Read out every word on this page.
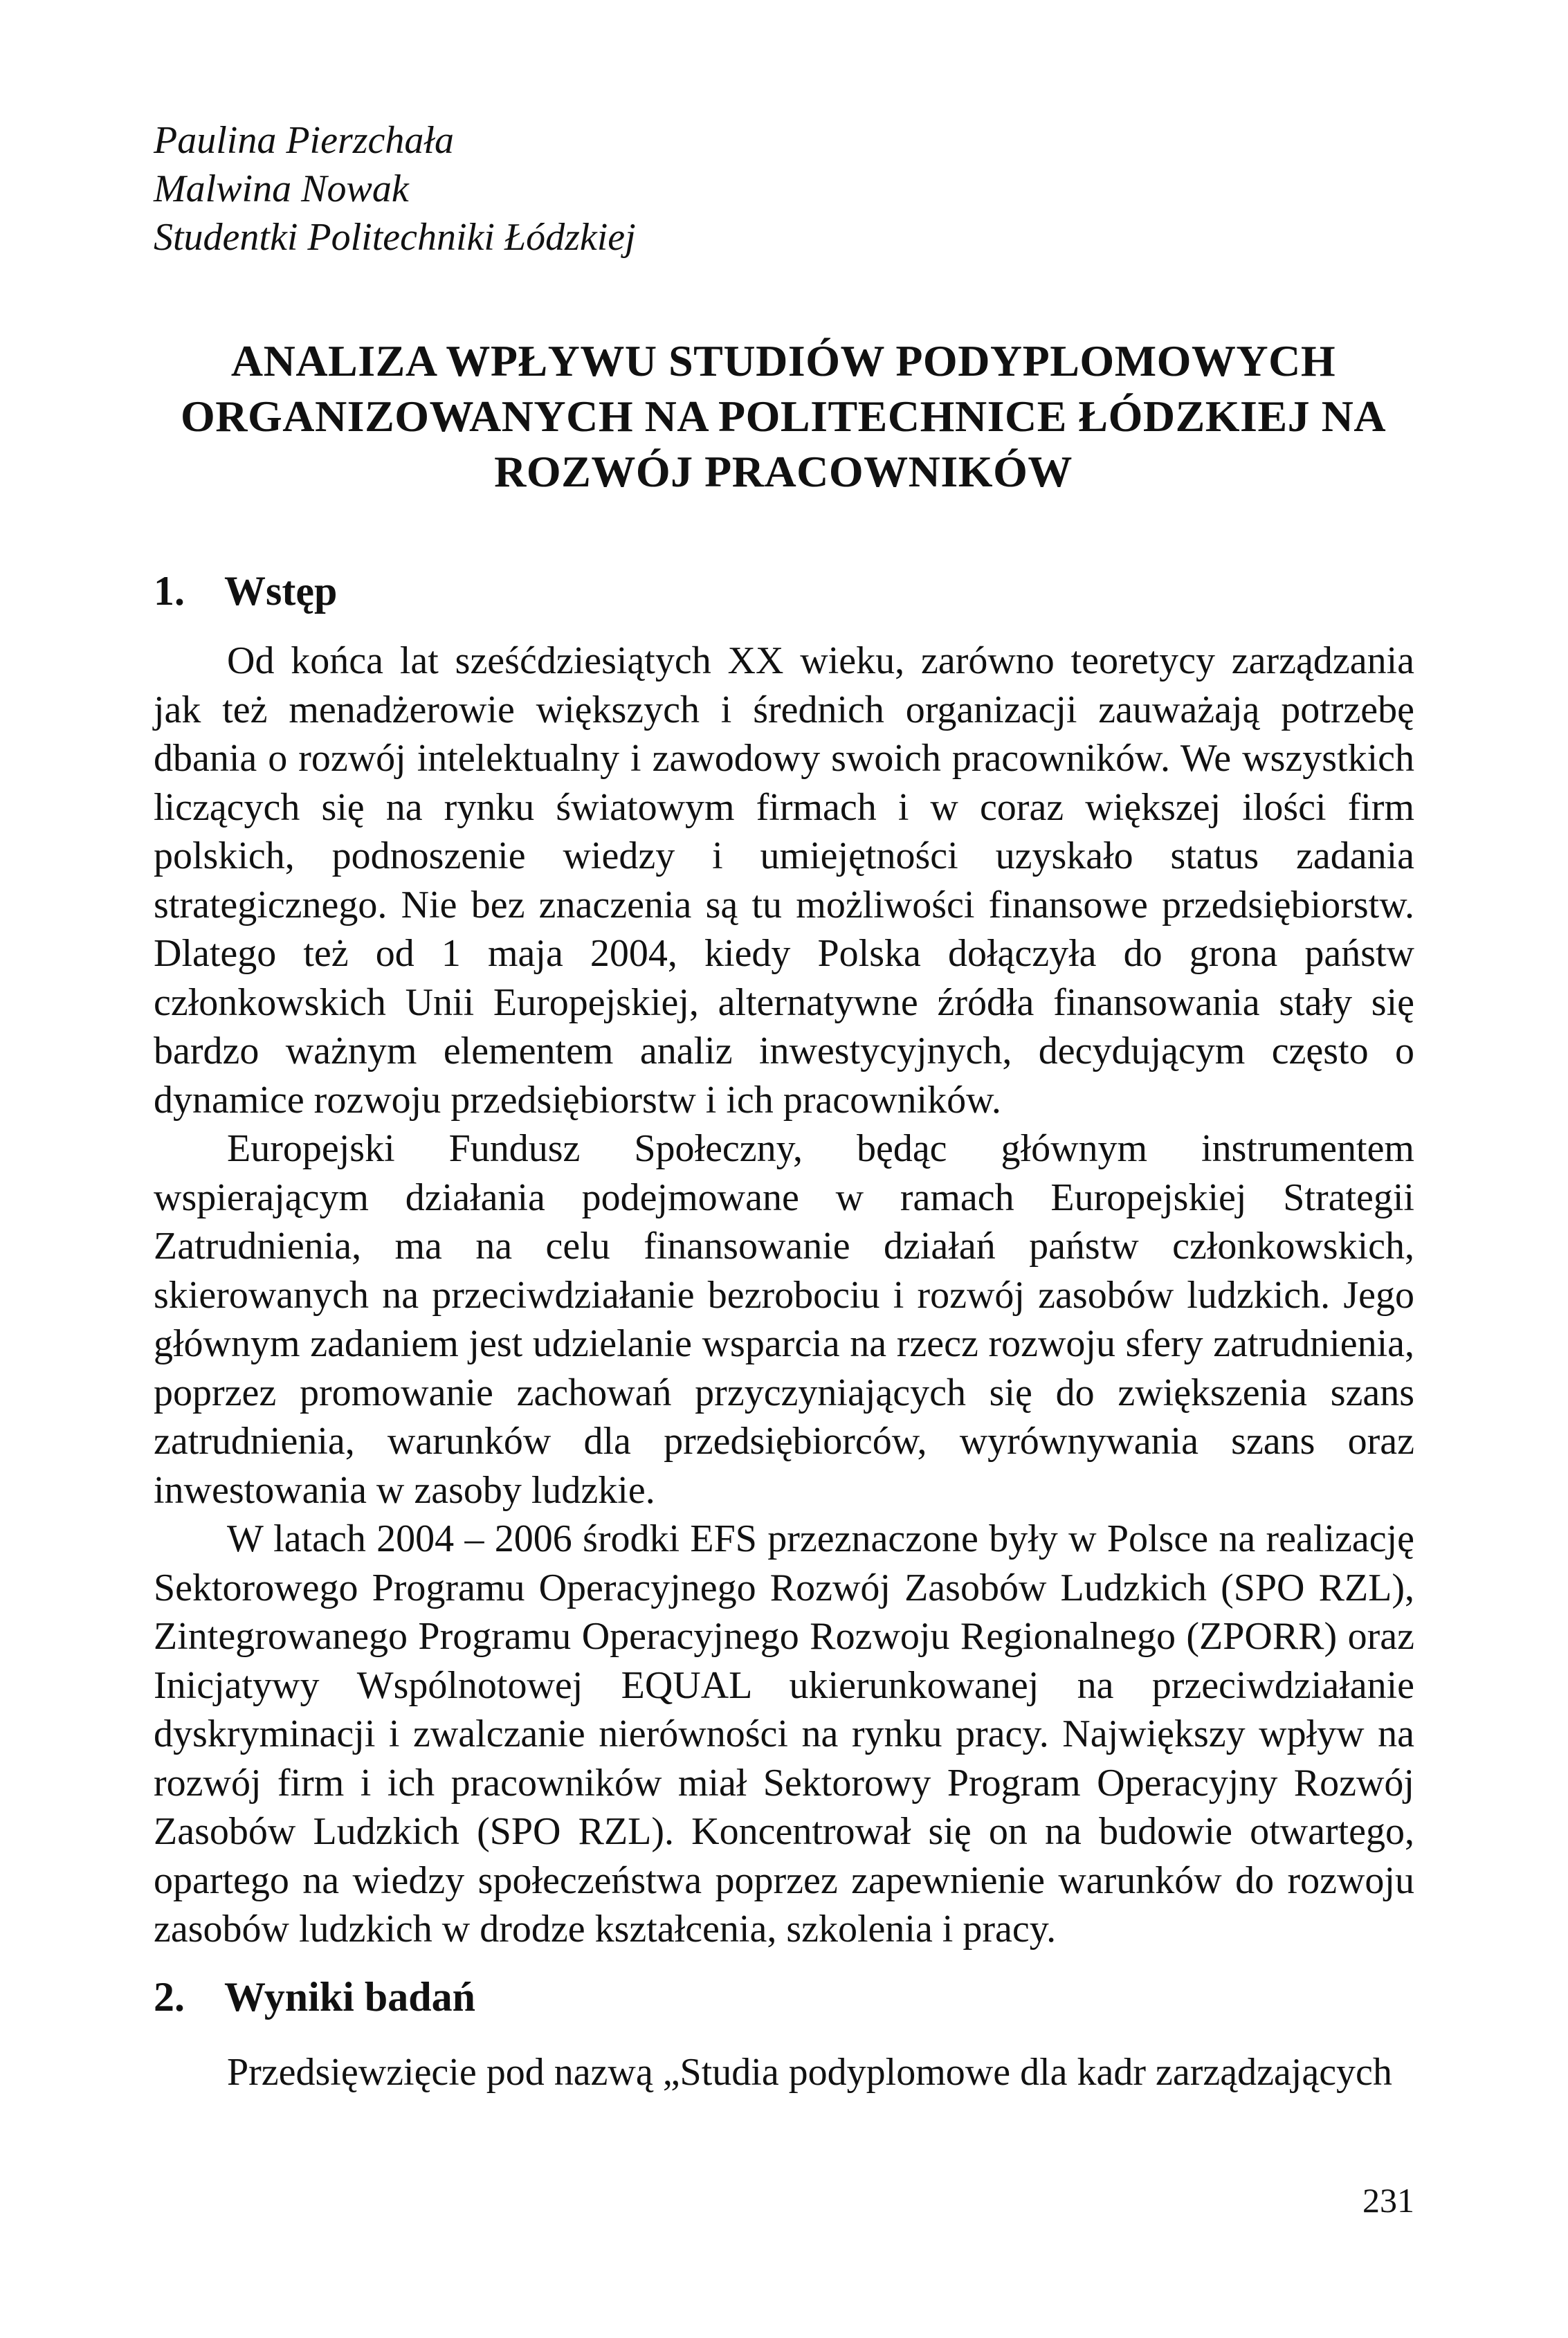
Paulina Pierzchała
Malwina Nowak
Studentki Politechniki Łódzkiej
ANALIZA WPŁYWU STUDIÓW PODYPLOMOWYCH
ORGANIZOWANYCH NA POLITECHNICE ŁÓDZKIEJ NA
ROZWÓJ PRACOWNIKÓW
1. Wstęp

Od końca lat sześćdziesiątych XX wieku, zarówno teoretycy zarządzania jak też menadżerowie większych i średnich organizacji zauważają potrzebę dbania o rozwój intelektualny i zawodowy swoich pracowników. We wszystkich liczących się na rynku światowym firmach i w coraz większej ilości firm polskich, podnoszenie wiedzy i umiejętności uzyskało status zadania strategicznego. Nie bez znaczenia są tu możliwości finansowe przedsiębiorstw. Dlatego też od 1 maja 2004, kiedy Polska dołączyła do grona państw członkowskich Unii Europejskiej, alternatywne źródła finansowania stały się bardzo ważnym elementem analiz inwestycyjnych, decydującym często o dynamice rozwoju przedsiębiorstw i ich pracowników.

Europejski Fundusz Społeczny, będąc głównym instrumentem wspierającym działania podejmowane w ramach Europejskiej Strategii Zatrudnienia, ma na celu finansowanie działań państw członkowskich, skierowanych na przeciwdziałanie bezrobociu i rozwój zasobów ludzkich. Jego głównym zadaniem jest udzielanie wsparcia na rzecz rozwoju sfery zatrudnienia, poprzez promowanie zachowań przyczyniających się do zwiększenia szans zatrudnienia, warunków dla przedsiębiorców, wyrównywania szans oraz inwestowania w zasoby ludzkie.

W latach 2004 – 2006 środki EFS przeznaczone były w Polsce na realizację Sektorowego Programu Operacyjnego Rozwój Zasobów Ludzkich (SPO RZL), Zintegrowanego Programu Operacyjnego Rozwoju Regionalnego (ZPORR) oraz Inicjatywy Wspólnotowej EQUAL ukierunkowanej na przeciwdziałanie dyskryminacji i zwalczanie nierówności na rynku pracy. Największy wpływ na rozwój firm i ich pracowników miał Sektorowy Program Operacyjny Rozwój Zasobów Ludzkich (SPO RZL). Koncentrował się on na budowie otwartego, opartego na wiedzy społeczeństwa poprzez zapewnienie warunków do rozwoju zasobów ludzkich w drodze kształcenia, szkolenia i pracy.

2. Wyniki badań

Przedsięwzięcie pod nazwą „Studia podyplomowe dla kadr zarządzających

231
